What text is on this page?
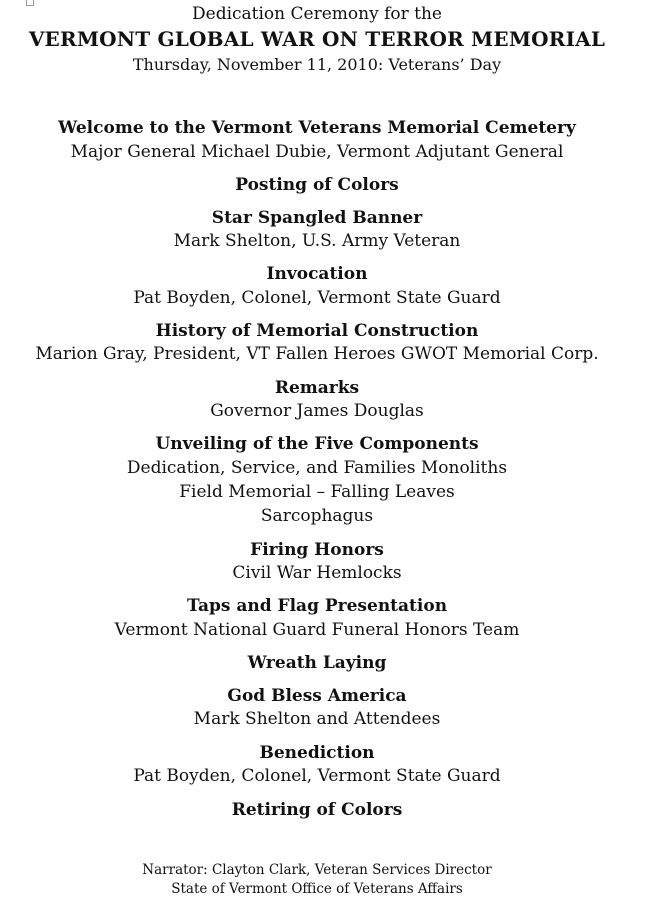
Dedication Ceremony for the
VERMONT GLOBAL WAR ON TERROR MEMORIAL
Thursday, November 11, 2010: Veterans’ Day
Welcome to the Vermont Veterans Memorial Cemetery
Major General Michael Dubie, Vermont Adjutant General
Posting of Colors
Star Spangled Banner
Mark Shelton, U.S. Army Veteran
Invocation
Pat Boyden, Colonel, Vermont State Guard
History of Memorial Construction
Marion Gray, President, VT Fallen Heroes GWOT Memorial Corp.
Remarks
Governor James Douglas
Unveiling of the Five Components
Dedication, Service, and Families Monoliths
Field Memorial – Falling Leaves
Sarcophagus
Firing Honors
Civil War Hemlocks
Taps and Flag Presentation
Vermont National Guard Funeral Honors Team
Wreath Laying
God Bless America
Mark Shelton and Attendees
Benediction
Pat Boyden, Colonel, Vermont State Guard
Retiring of Colors
Narrator: Clayton Clark, Veteran Services Director
State of Vermont Office of Veterans Affairs
